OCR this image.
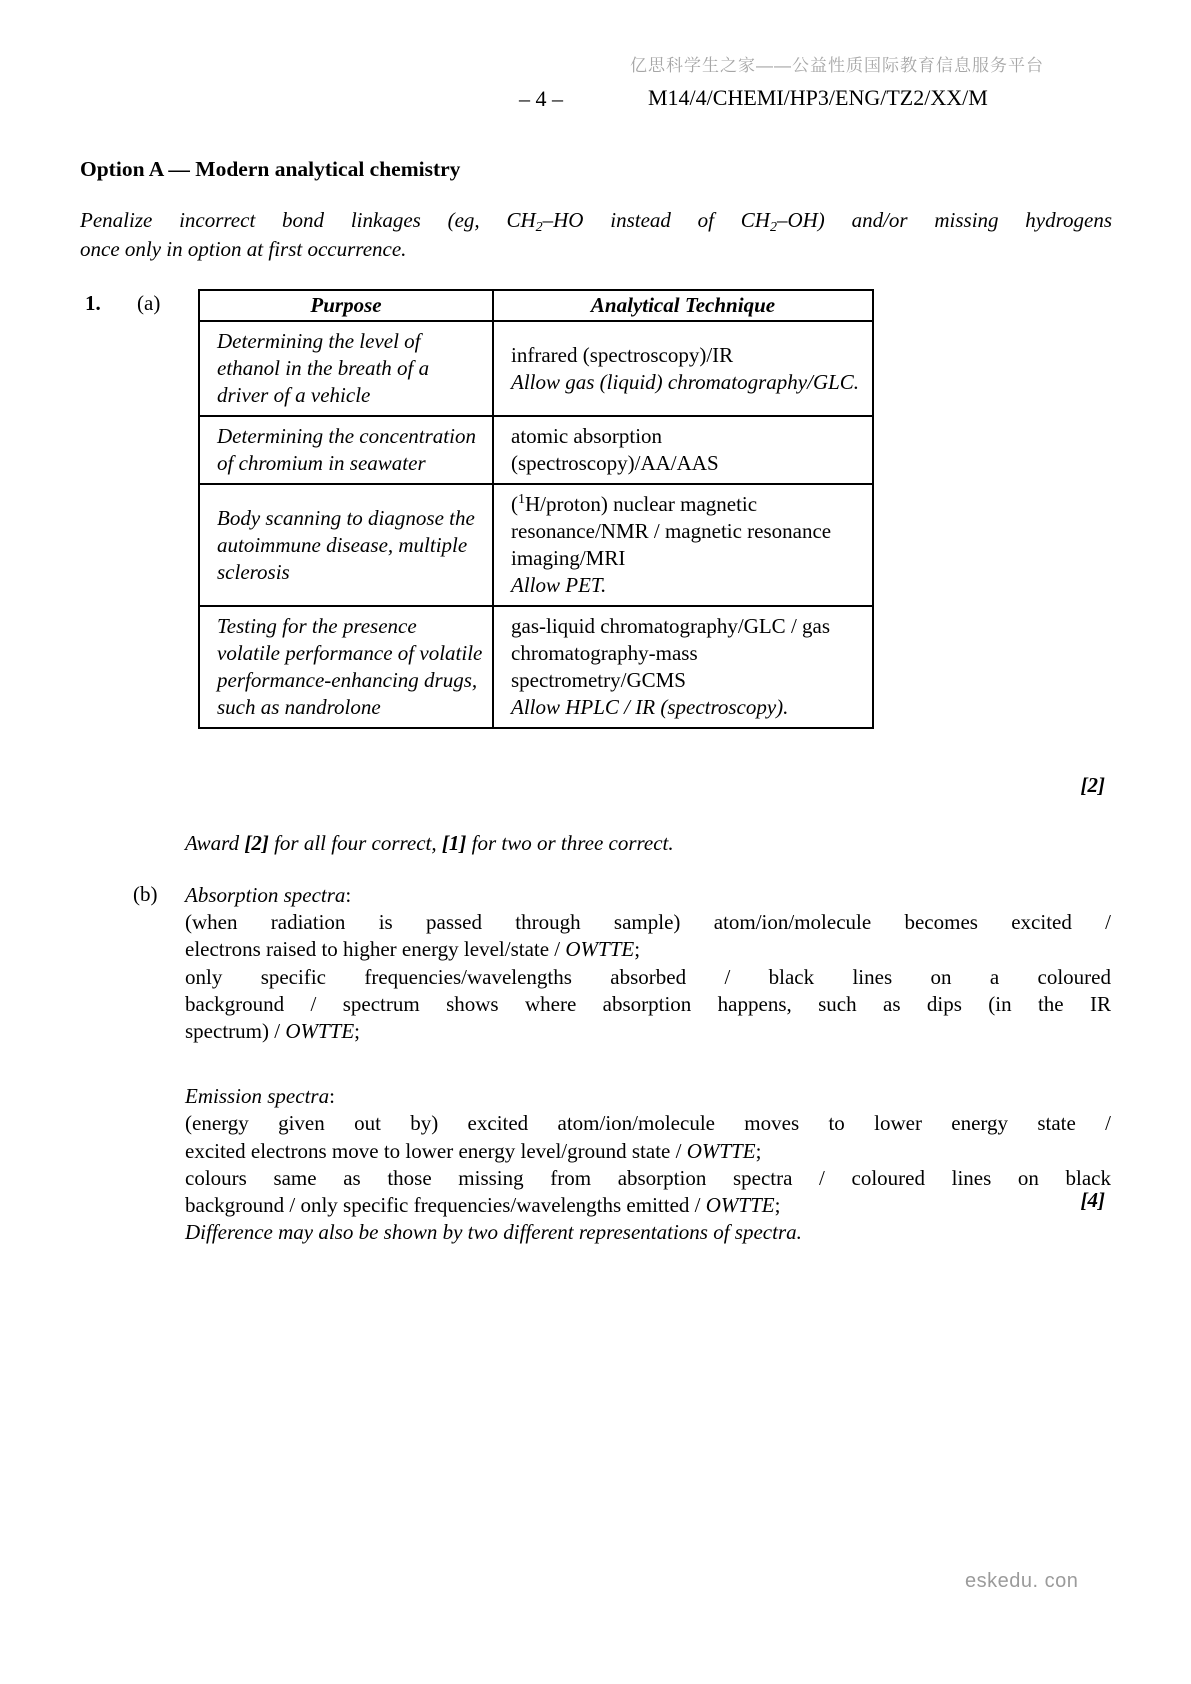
亿思科学生之家——公益性质国际教育信息服务平台
– 4 –	M14/4/CHEMI/HP3/ENG/TZ2/XX/M
Option A — Modern analytical chemistry
Penalize incorrect bond linkages (eg, $CH_2-HO$ instead of $CH_2-OH$) and/or missing hydrogens
once only in option at first occurrence.
1. (a)	Purpose	Analytical Technique
Determining the level of ethanol in the breath of a driver of a vehicle	infrared (spectroscopy)/IR
Allow gas (liquid) chromatography/GLC.

Determining the concentration of chromium in seawater	atomic absorption (spectroscopy)/AA/AAS
Body scanning to diagnose the autoimmune disease, multiple sclerosis	($^1$H/proton) nuclear magnetic resonance/NMR / magnetic resonance imaging/MRI
Allow PET.

Testing for the presence volatile performance of volatile performance-enhancing drugs, such as nandrolone	gas-liquid chromatography/GLC / gas chromatography-mass spectrometry/GCMS
Allow HPLC / IR (spectroscopy).
[2]
Award [2] for all four correct, [1] for two or three correct.
(b) Absorption spectra:
(when radiation is passed through sample) atom/ion/molecule becomes excited /
electrons raised to higher energy level/state / OWTTE;
only specific frequencies/wavelengths absorbed / black lines on a coloured
background / spectrum shows where absorption happens, such as dips (in the IR
spectrum) / OWTTE;
Emission spectra:
(energy given out by) excited atom/ion/molecule moves to lower energy state /
excited electrons move to lower energy level/ground state / OWTTE;
colours same as those missing from absorption spectra / coloured lines on black
background / only specific frequencies/wavelengths emitted / OWTTE;
Difference may also be shown by two different representations of spectra.
[4]
eskedu. con
